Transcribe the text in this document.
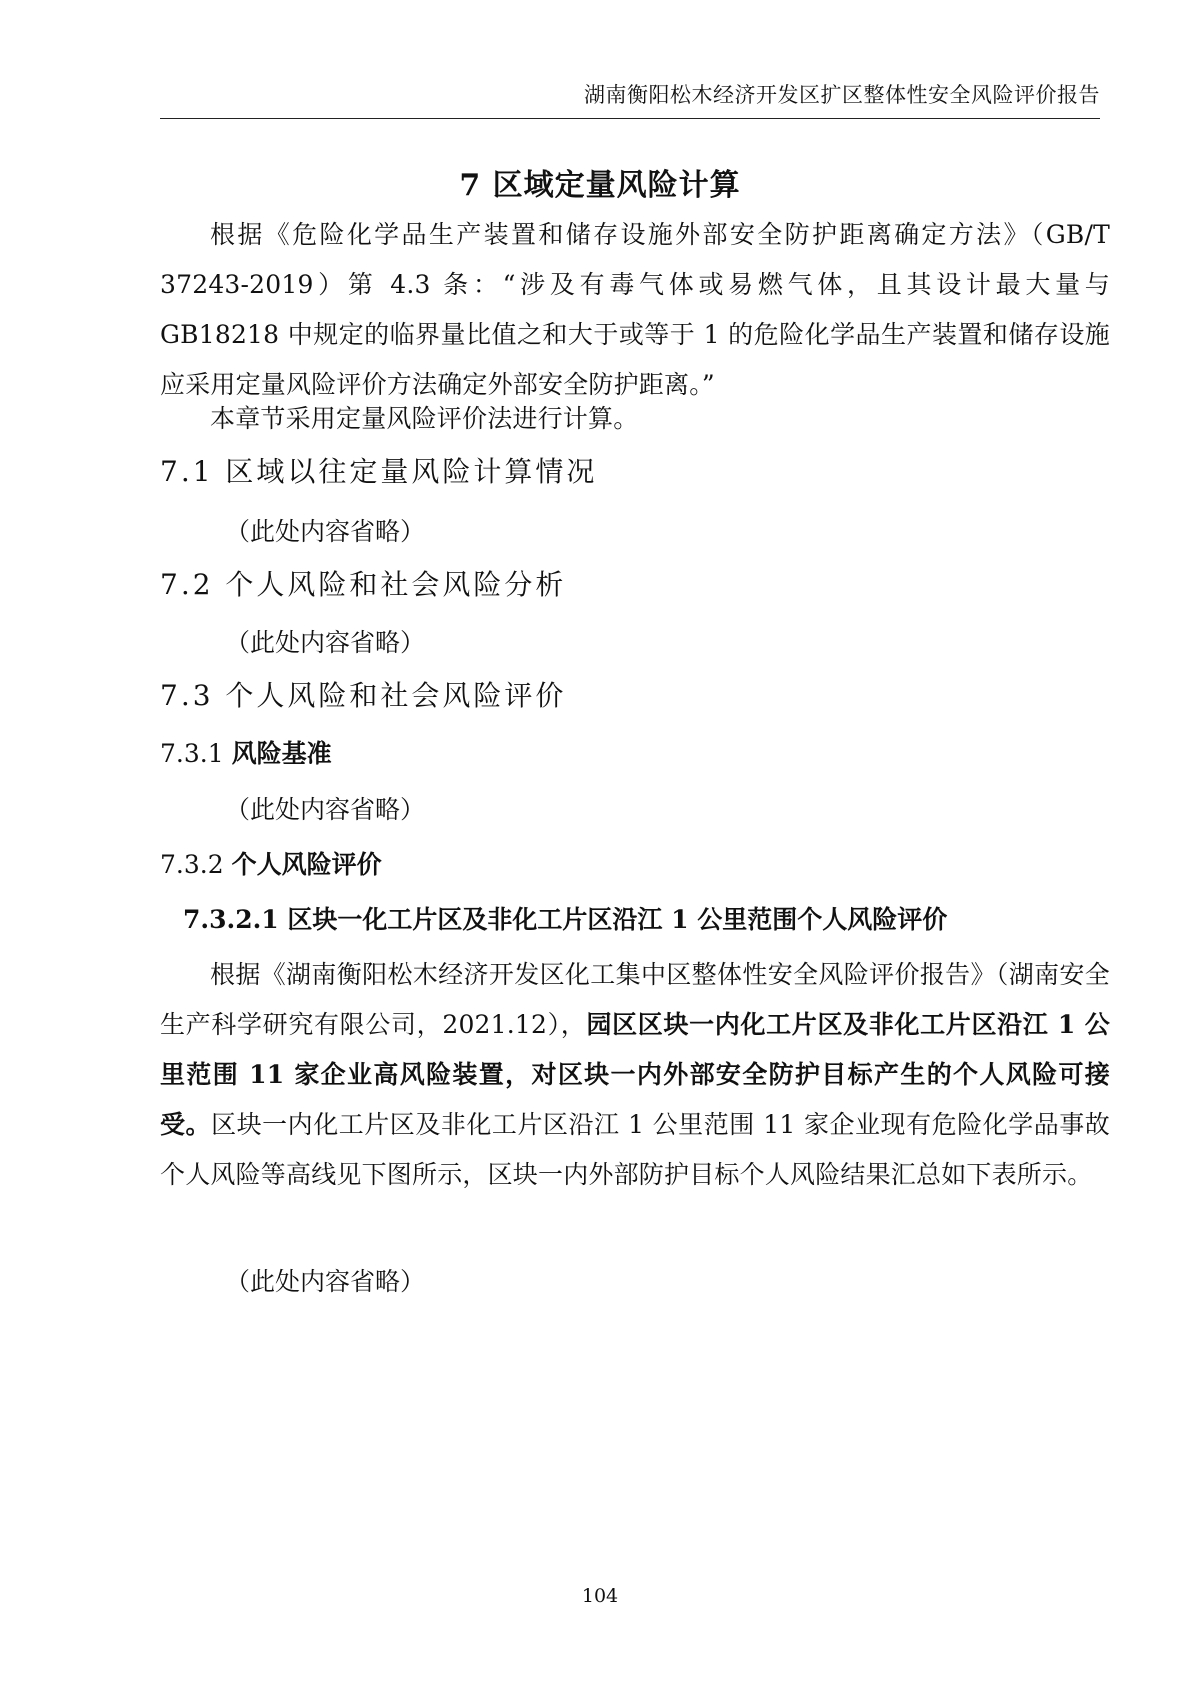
湖南衡阳松木经济开发区扩区整体性安全风险评价报告
7 区域定量风险计算

根据《危险化学品生产装置和储存设施外部安全防护距离确定方法》（GB/T 37243-2019）第 4.3 条：“涉及有毒气体或易燃气体，且其设计最大量与 GB18218 中规定的临界量比值之和大于或等于 1 的危险化学品生产装置和储存设施应采用定量风险评价方法确定外部安全防护距离。”

本章节采用定量风险评价法进行计算。

7.1 区域以往定量风险计算情况
（此处内容省略）
7.2 个人风险和社会风险分析
（此处内容省略）
7.3 个人风险和社会风险评价
7.3.1 风险基准
（此处内容省略）
7.3.2 个人风险评价
7.3.2.1 区块一化工片区及非化工片区沿江 1 公里范围个人风险评价

根据《湖南衡阳松木经济开发区化工集中区整体性安全风险评价报告》（湖南安全生产科学研究有限公司，2021.12），园区区块一内化工片区及非化工片区沿江 1 公里范围 11 家企业高风险装置，对区块一内外部安全防护目标产生的个人风险可接受。区块一内化工片区及非化工片区沿江 1 公里范围 11 家企业现有危险化学品事故个人风险等高线见下图所示，区块一内外部防护目标个人风险结果汇总如下表所示。

（此处内容省略）
104
